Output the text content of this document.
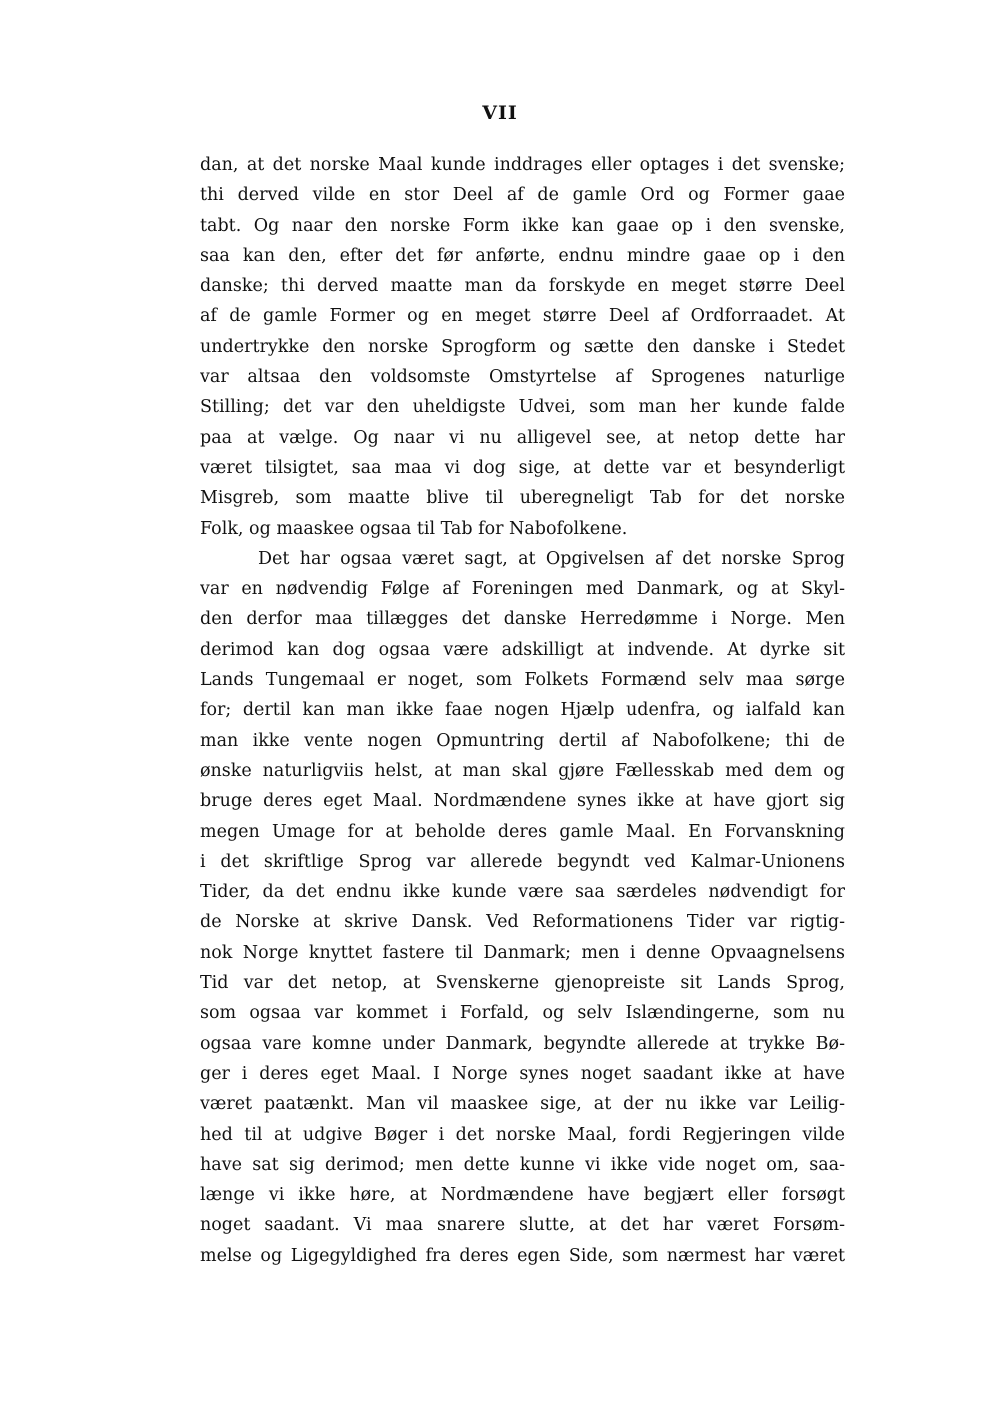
VII
dan, at det norske Maal kunde inddrages eller optages i det svenske;
thi derved vilde en stor Deel af de gamle Ord og Former gaae
tabt. Og naar den norske Form ikke kan gaae op i den svenske,
saa kan den, efter det før anførte, endnu mindre gaae op i den
danske; thi derved maatte man da forskyde en meget større Deel
af de gamle Former og en meget større Deel af Ordforraadet. At
undertrykke den norske Sprogform og sætte den danske i Stedet
var altsaa den voldsomste Omstyrtelse af Sprogenes naturlige
Stilling; det var den uheldigste Udvei, som man her kunde falde
paa at vælge. Og naar vi nu alligevel see, at netop dette har
været tilsigtet, saa maa vi dog sige, at dette var et besynderligt
Misgreb, som maatte blive til uberegneligt Tab for det norske
Folk, og maaskee ogsaa til Tab for Nabofolkene.
Det har ogsaa været sagt, at Opgivelsen af det norske Sprog
var en nødvendig Følge af Foreningen med Danmark, og at Skyl-
den derfor maa tillægges det danske Herredømme i Norge. Men
derimod kan dog ogsaa være adskilligt at indvende. At dyrke sit
Lands Tungemaal er noget, som Folkets Formænd selv maa sørge
for; dertil kan man ikke faae nogen Hjælp udenfra, og ialfald kan
man ikke vente nogen Opmuntring dertil af Nabofolkene; thi de
ønske naturligviis helst, at man skal gjøre Fællesskab med dem og
bruge deres eget Maal. Nordmændene synes ikke at have gjort sig
megen Umage for at beholde deres gamle Maal. En Forvanskning
i det skriftlige Sprog var allerede begyndt ved Kalmar-Unionens
Tider, da det endnu ikke kunde være saa særdeles nødvendigt for
de Norske at skrive Dansk. Ved Reformationens Tider var rigtig-
nok Norge knyttet fastere til Danmark; men i denne Opvaagnelsens
Tid var det netop, at Svenskerne gjenopreiste sit Lands Sprog,
som ogsaa var kommet i Forfald, og selv Islændingerne, som nu
ogsaa vare komne under Danmark, begyndte allerede at trykke Bø-
ger i deres eget Maal. I Norge synes noget saadant ikke at have
været paatænkt. Man vil maaskee sige, at der nu ikke var Leilig-
hed til at udgive Bøger i det norske Maal, fordi Regjeringen vilde
have sat sig derimod; men dette kunne vi ikke vide noget om, saa-
længe vi ikke høre, at Nordmændene have begjært eller forsøgt
noget saadant. Vi maa snarere slutte, at det har været Forsøm-
melse og Ligegyldighed fra deres egen Side, som nærmest har været
